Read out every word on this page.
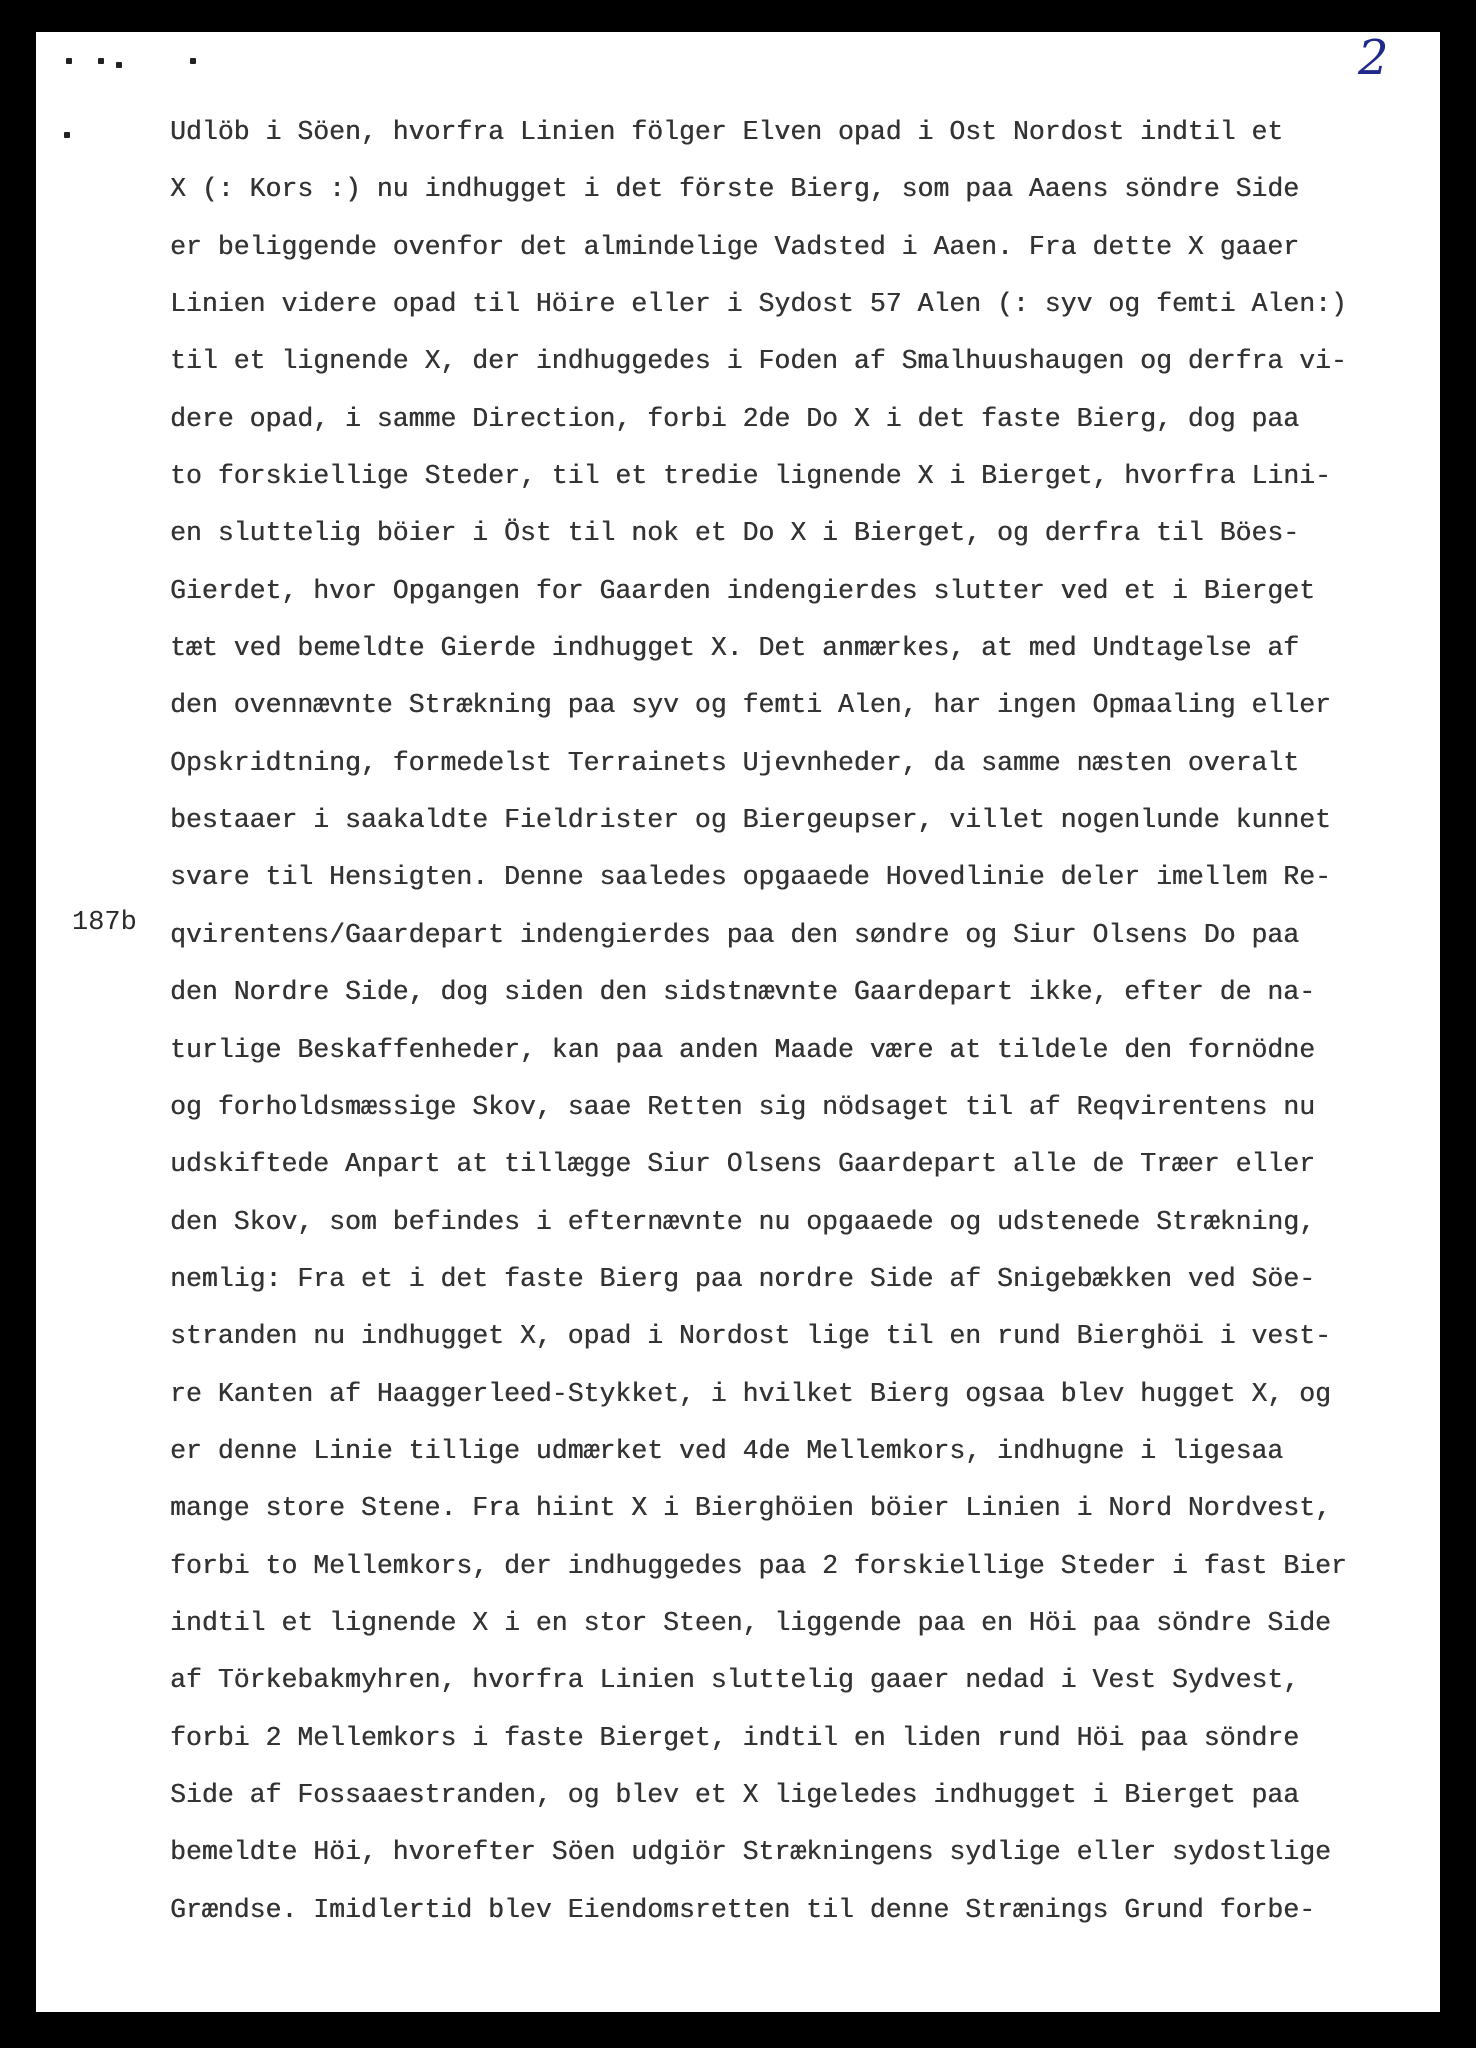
2
187b
Udlöb i Söen, hvorfra Linien fölger Elven opad i Ost Nordost indtil et
X (: Kors :) nu indhugget i det förste Bierg, som paa Aaens söndre Side
er beliggende ovenfor det almindelige Vadsted i Aaen. Fra dette X gaaer
Linien videre opad til Höire eller i Sydost 57 Alen (: syv og femti Alen:)
til et lignende X, der indhuggedes i Foden af Smalhuushaugen og derfra vi-
dere opad, i samme Direction, forbi 2de Do X i det faste Bierg, dog paa
to forskiellige Steder, til et tredie lignende X i Bierget, hvorfra Lini-
en sluttelig böier i Öst til nok et Do X i Bierget, og derfra til Böes-
Gierdet, hvor Opgangen for Gaarden indengierdes slutter ved et i Bierget
tæt ved bemeldte Gierde indhugget X. Det anmærkes, at med Undtagelse af
den ovennævnte Strækning paa syv og femti Alen, har ingen Opmaaling eller
Opskridtning, formedelst Terrainets Ujevnheder, da samme næsten overalt
bestaaer i saakaldte Fieldrister og Biergeupser, villet nogenlunde kunnet
svare til Hensigten. Denne saaledes opgaaede Hovedlinie deler imellem Re-
qvirentens/Gaardepart indengierdes paa den søndre og Siur Olsens Do paa
den Nordre Side, dog siden den sidstnævnte Gaardepart ikke, efter de na-
turlige Beskaffenheder, kan paa anden Maade være at tildele den fornödne
og forholdsmæssige Skov, saae Retten sig nödsaget til af Reqvirentens nu
udskiftede Anpart at tillægge Siur Olsens Gaardepart alle de Træer eller
den Skov, som befindes i efternævnte nu opgaaede og udstenede Strækning,
nemlig: Fra et i det faste Bierg paa nordre Side af Snigebækken ved Söe-
stranden nu indhugget X, opad i Nordost lige til en rund Bierghöi i vest-
re Kanten af Haaggerleed-Stykket, i hvilket Bierg ogsaa blev hugget X, og
er denne Linie tillige udmærket ved 4de Mellemkors, indhugne i ligesaa
mange store Stene. Fra hiint X i Bierghöien böier Linien i Nord Nordvest,
forbi to Mellemkors, der indhuggedes paa 2 forskiellige Steder i fast Bier
indtil et lignende X i en stor Steen, liggende paa en Höi paa söndre Side
af Törkebakmyhren, hvorfra Linien sluttelig gaaer nedad i Vest Sydvest,
forbi 2 Mellemkors i faste Bierget, indtil en liden rund Höi paa söndre
Side af Fossaaestranden, og blev et X ligeledes indhugget i Bierget paa
bemeldte Höi, hvorefter Söen udgiör Strækningens sydlige eller sydostlige
Grændse. Imidlertid blev Eiendomsretten til denne Strænings Grund forbe-
